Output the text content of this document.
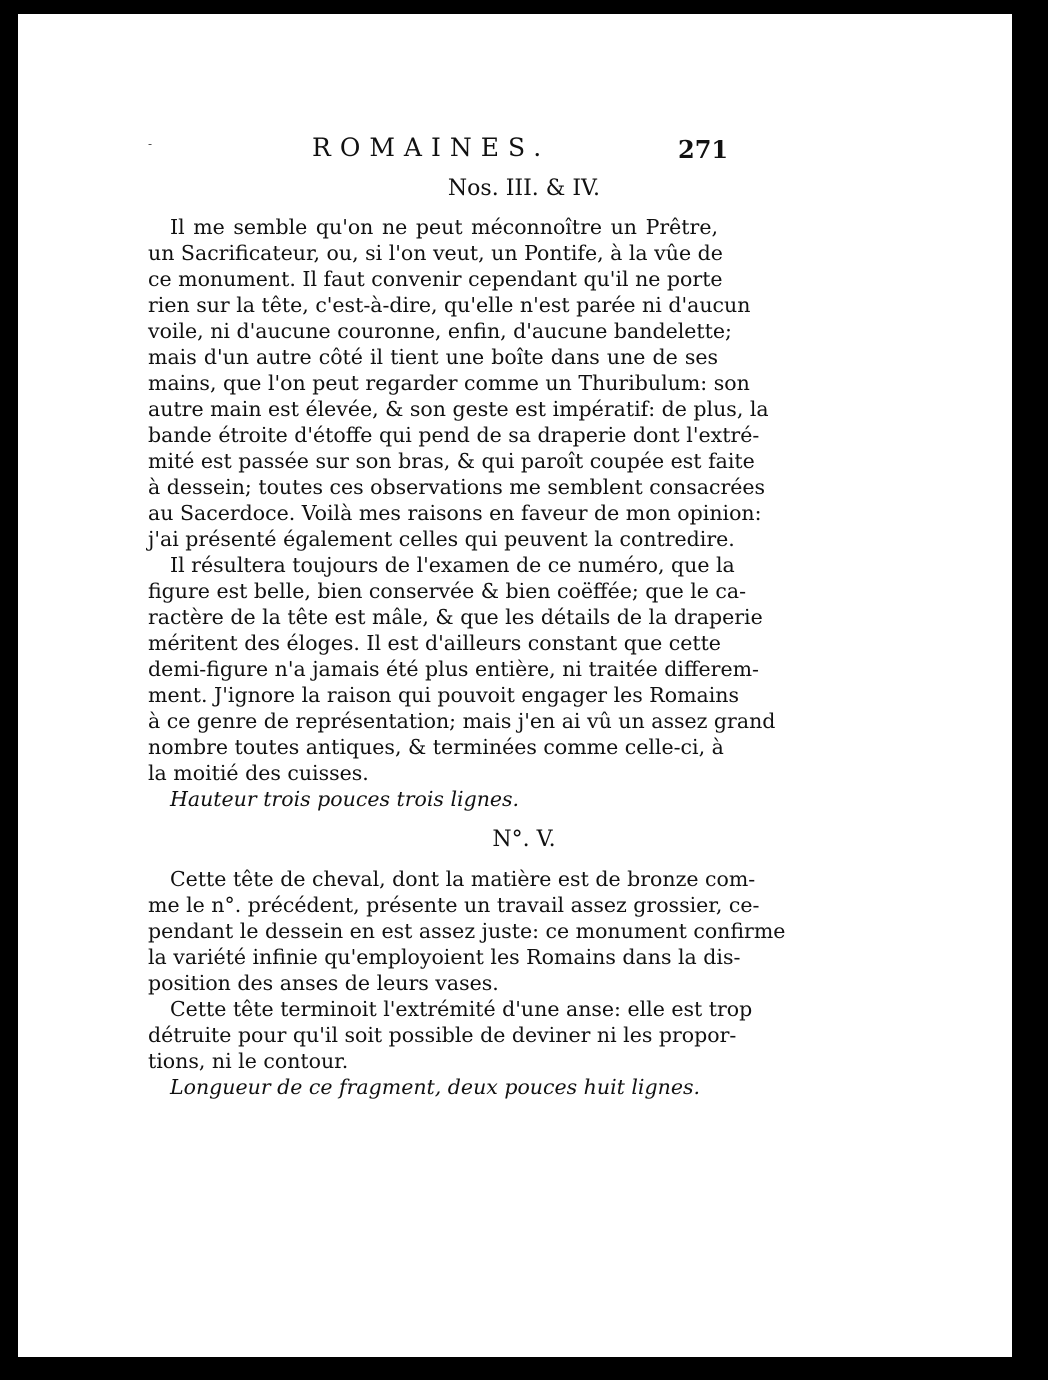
-	ROMAINES.	271
Nos. III. & IV.
Il me semble qu'on ne peut méconnoître un Prêtre,
un Sacrificateur, ou, si l'on veut, un Pontife, à la vûe de
ce monument. Il faut convenir cependant qu'il ne porte
rien sur la tête, c'est-à-dire, qu'elle n'est parée ni d'aucun
voile, ni d'aucune couronne, enfin, d'aucune bandelette;
mais d'un autre côté il tient une boîte dans une de ses
mains, que l'on peut regarder comme un Thuribulum: son
autre main est élevée, & son geste est impératif: de plus, la
bande étroite d'étoffe qui pend de sa draperie dont l'extré-
mité est passée sur son bras, & qui paroît coupée est faite
à dessein; toutes ces observations me semblent consacrées
au Sacerdoce. Voilà mes raisons en faveur de mon opinion:
j'ai présenté également celles qui peuvent la contredire.
Il résultera toujours de l'examen de ce numéro, que la
figure est belle, bien conservée & bien coëffée; que le ca-
ractère de la tête est mâle, & que les détails de la draperie
méritent des éloges. Il est d'ailleurs constant que cette
demi-figure n'a jamais été plus entière, ni traitée differem-
ment. J'ignore la raison qui pouvoit engager les Romains
à ce genre de représentation; mais j'en ai vû un assez grand
nombre toutes antiques, & terminées comme celle-ci, à
la moitié des cuisses.
Hauteur trois pouces trois lignes.
N°. V.
Cette tête de cheval, dont la matière est de bronze com-
me le n°. précédent, présente un travail assez grossier, ce-
pendant le dessein en est assez juste: ce monument confirme
la variété infinie qu'employoient les Romains dans la dis-
position des anses de leurs vases.
Cette tête terminoit l'extrémité d'une anse: elle est trop
détruite pour qu'il soit possible de deviner ni les propor-
tions, ni le contour.
Longueur de ce fragment, deux pouces huit lignes.
